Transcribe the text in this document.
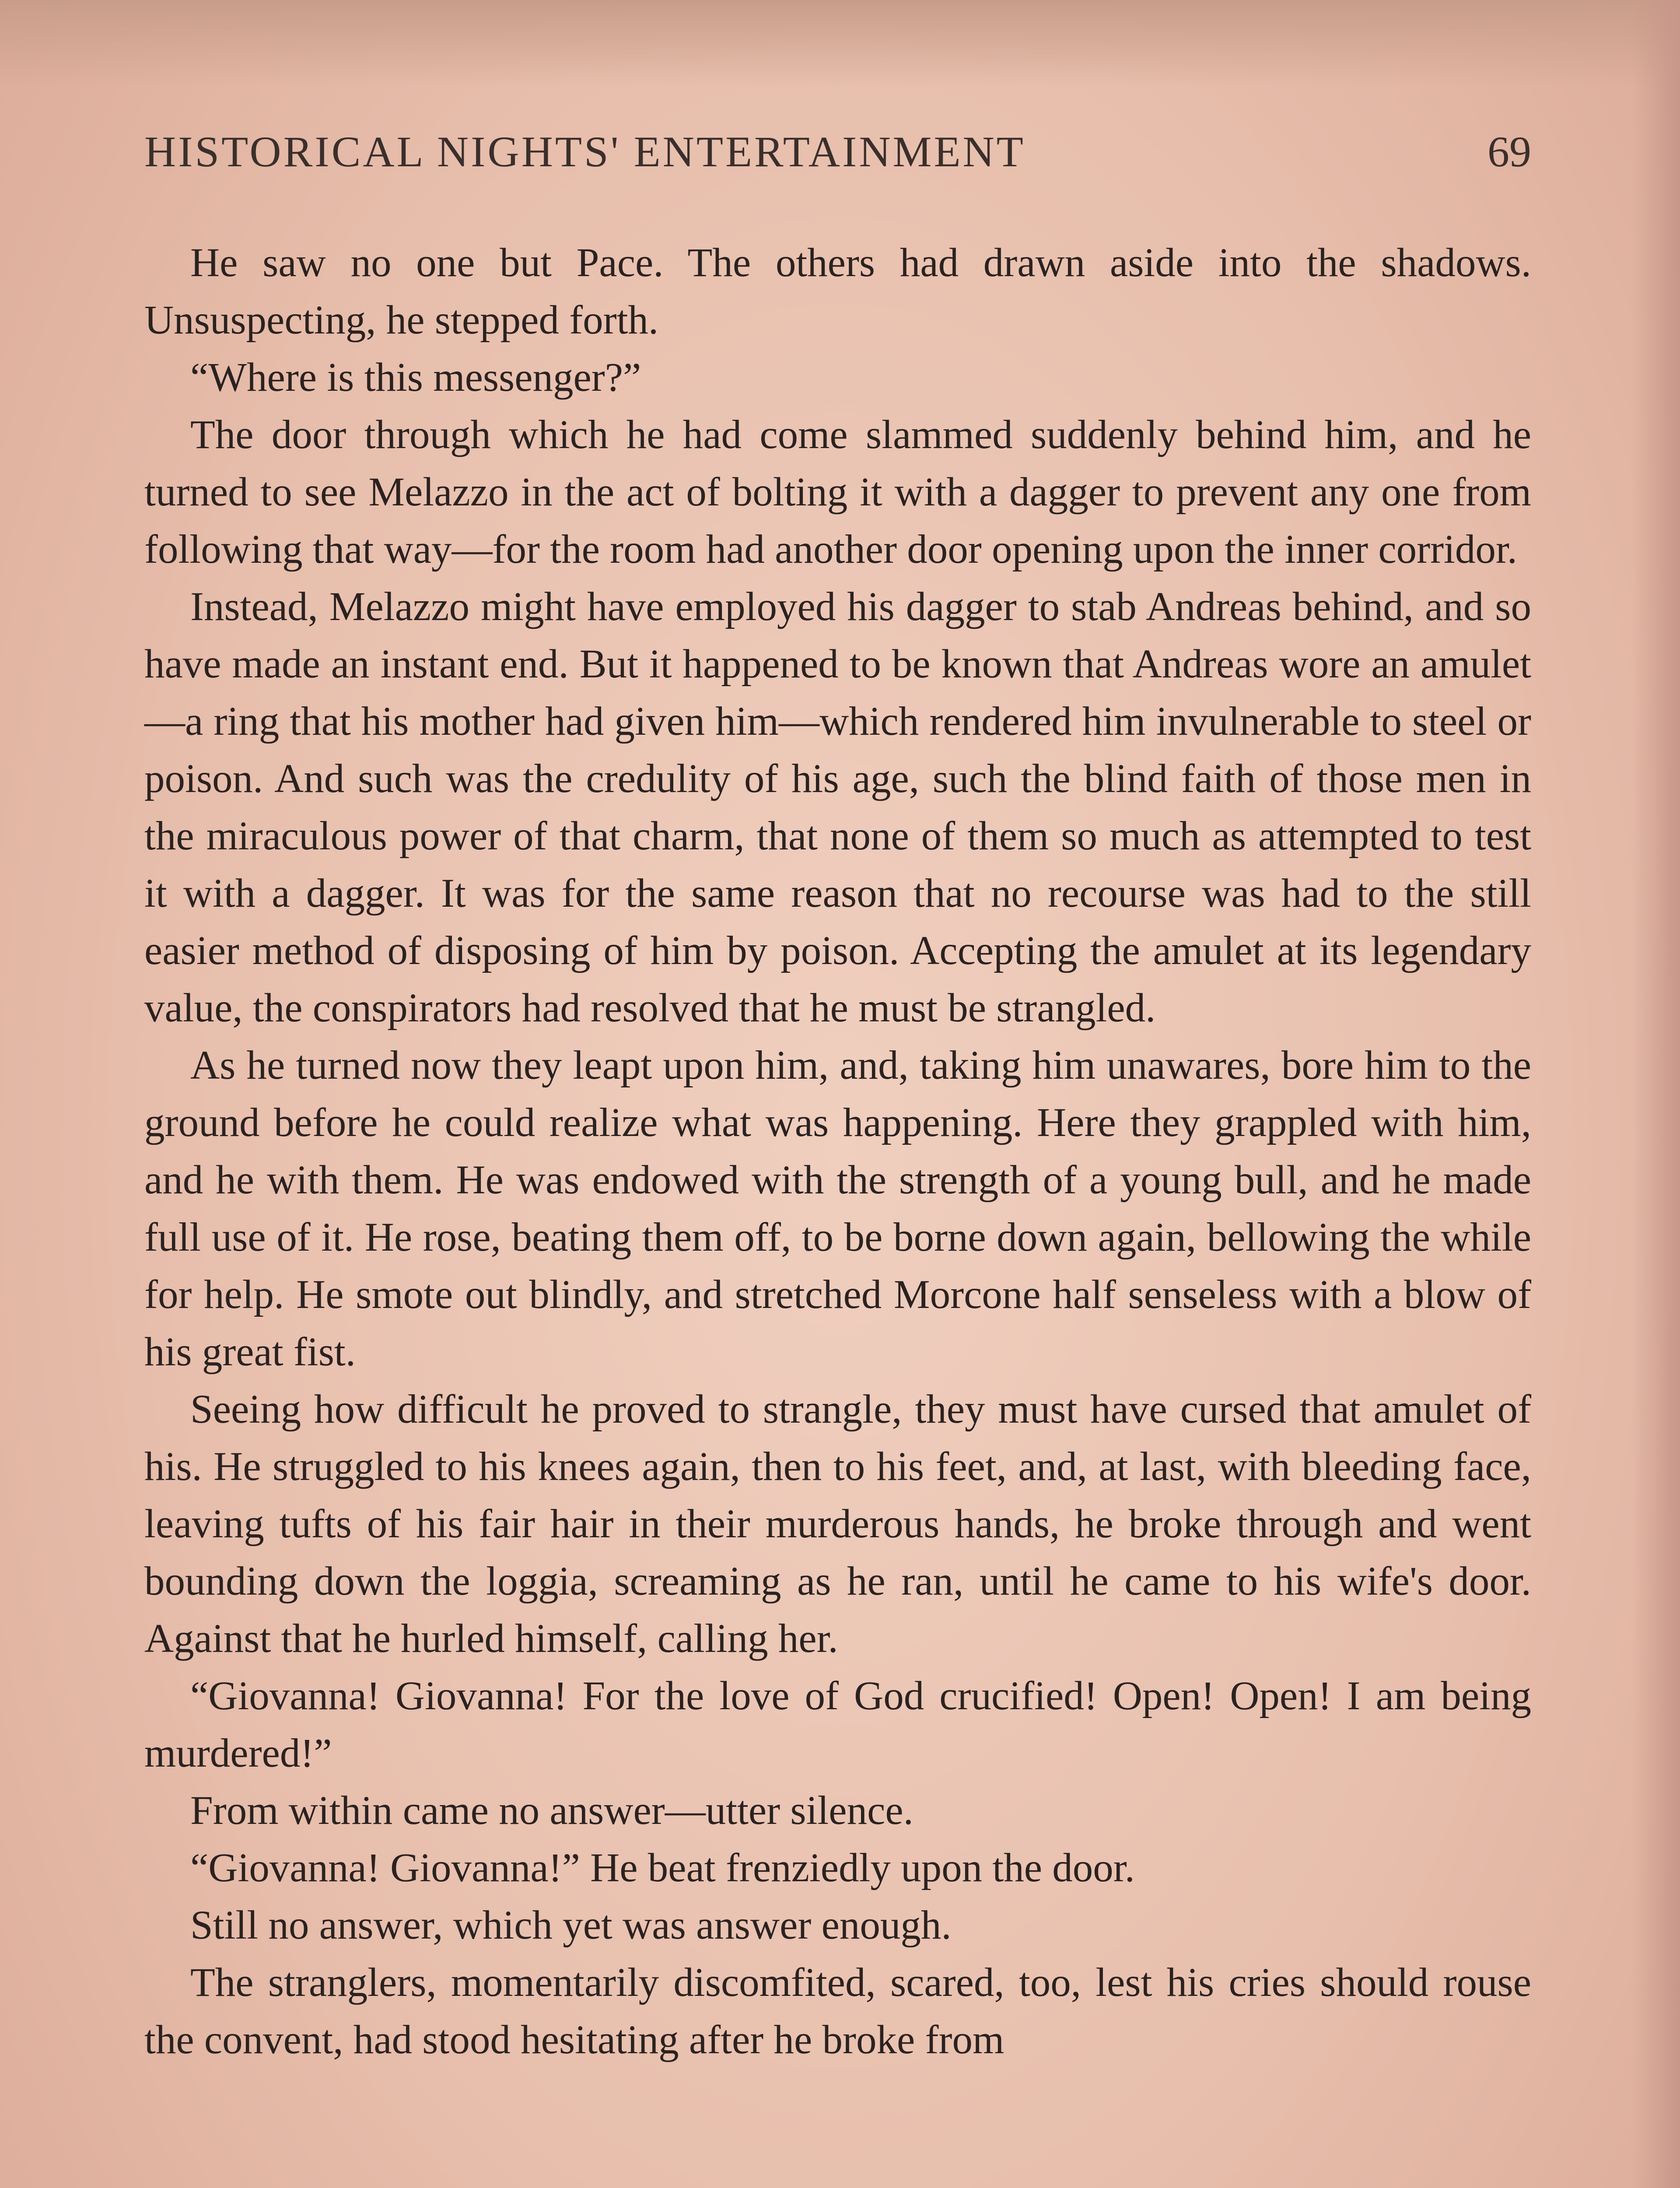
HISTORICAL NIGHTS' ENTERTAINMENT	69

He saw no one but Pace. The others had drawn aside into the shadows. Unsuspecting, he stepped forth.

“Where is this messenger?”

The door through which he had come slammed suddenly behind him, and he turned to see Melazzo in the act of bolting it with a dagger to prevent any one from following that way—for the room had another door opening upon the inner corridor.

Instead, Melazzo might have employed his dagger to stab Andreas behind, and so have made an instant end. But it happened to be known that Andreas wore an amulet—a ring that his mother had given him—which rendered him invulnerable to steel or poison. And such was the credulity of his age, such the blind faith of those men in the miraculous power of that charm, that none of them so much as attempted to test it with a dagger. It was for the same reason that no recourse was had to the still easier method of disposing of him by poison. Accepting the amulet at its legendary value, the conspirators had resolved that he must be strangled.

As he turned now they leapt upon him, and, taking him unawares, bore him to the ground before he could realize what was happening. Here they grappled with him, and he with them. He was endowed with the strength of a young bull, and he made full use of it. He rose, beating them off, to be borne down again, bellowing the while for help. He smote out blindly, and stretched Morcone half senseless with a blow of his great fist.

Seeing how difficult he proved to strangle, they must have cursed that amulet of his. He struggled to his knees again, then to his feet, and, at last, with bleeding face, leaving tufts of his fair hair in their murderous hands, he broke through and went bounding down the loggia, screaming as he ran, until he came to his wife's door. Against that he hurled himself, calling her.

“Giovanna! Giovanna! For the love of God crucified! Open! Open! I am being murdered!”

From within came no answer—utter silence.

“Giovanna! Giovanna!” He beat frenziedly upon the door.

Still no answer, which yet was answer enough.

The stranglers, momentarily discomfited, scared, too, lest his cries should rouse the convent, had stood hesitating after he broke from
